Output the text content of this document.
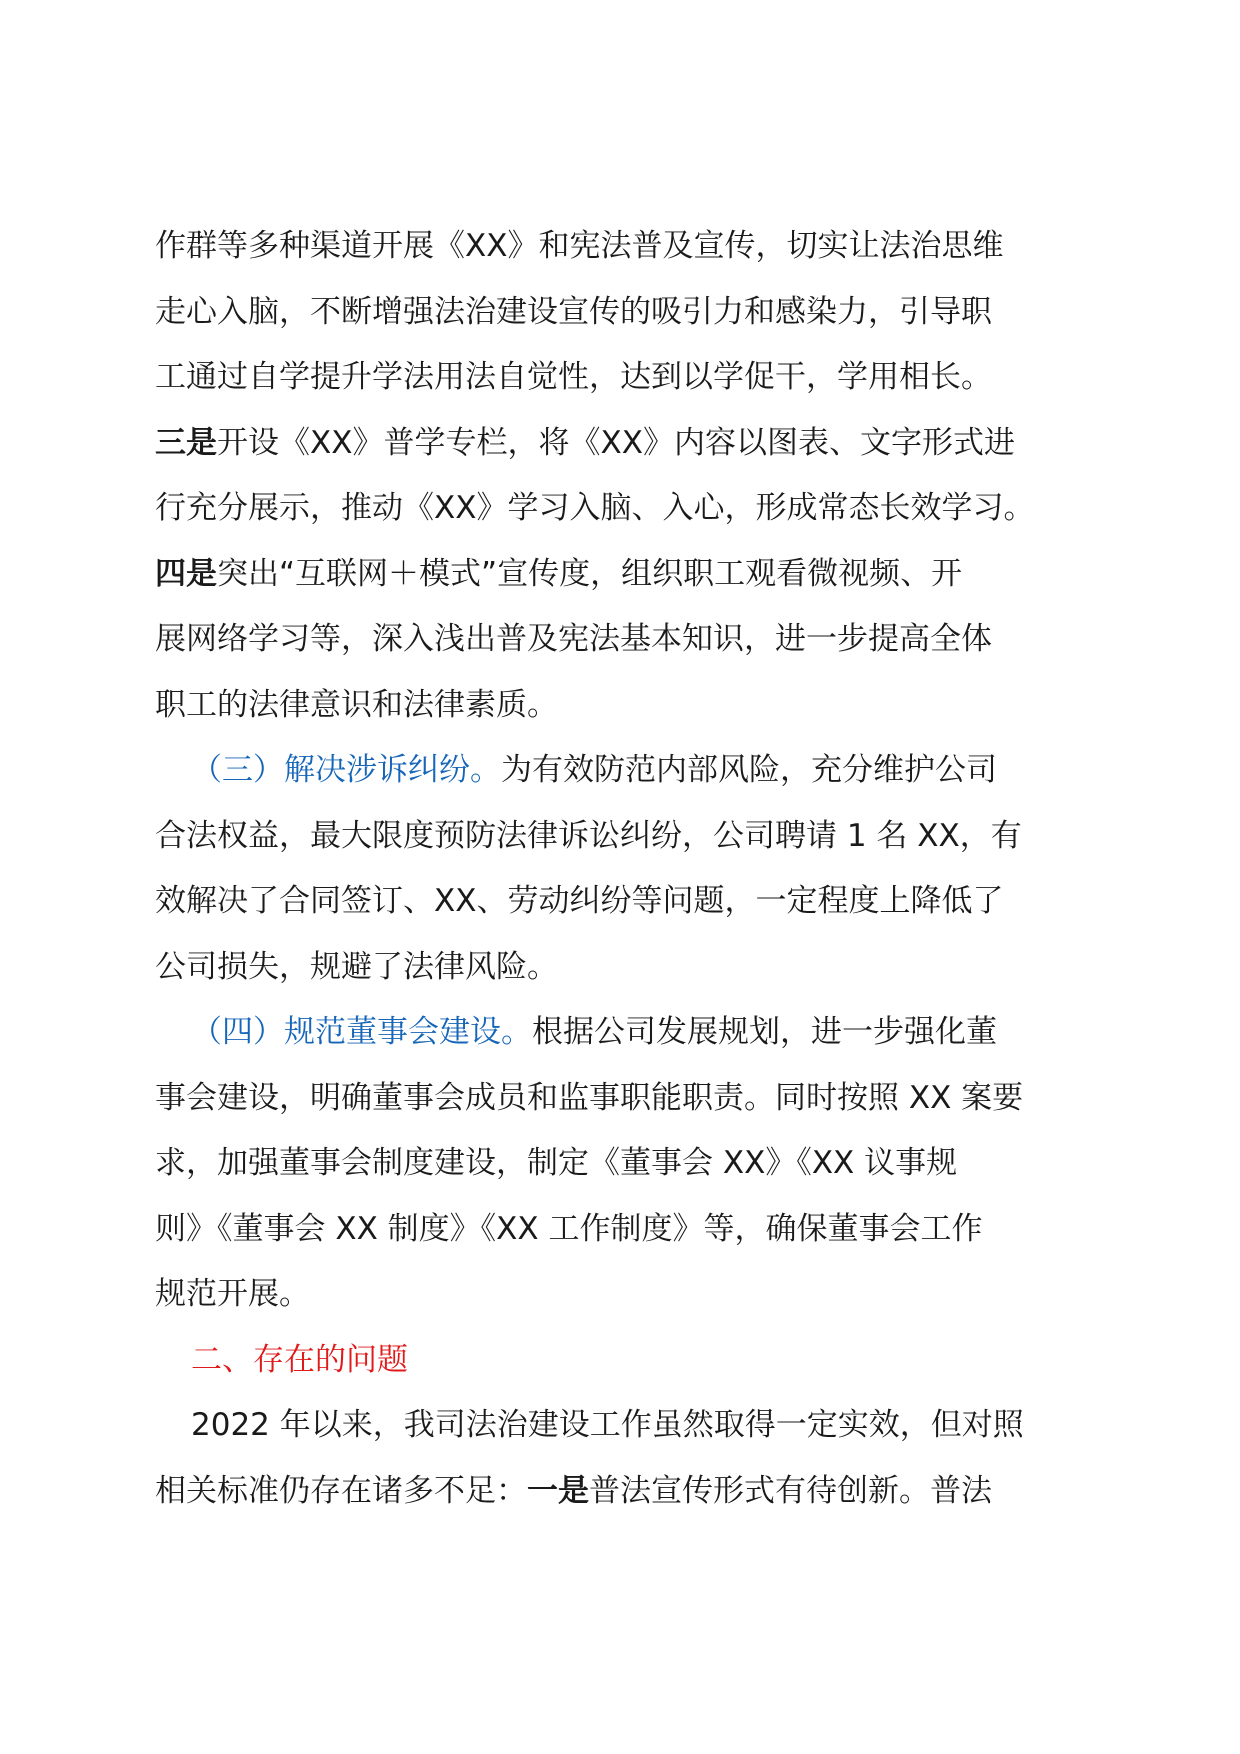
作群等多种渠道开展《XX》和宪法普及宣传，切实让法治思维
走心入脑，不断增强法治建设宣传的吸引力和感染力，引导职
工通过自学提升学法用法自觉性，达到以学促干，学用相长。
三是开设《XX》普学专栏，将《XX》内容以图表、文字形式进
行充分展示，推动《XX》学习入脑、入心，形成常态长效学习。
四是突出“互联网＋模式”宣传度，组织职工观看微视频、开
展网络学习等，深入浅出普及宪法基本知识，进一步提高全体
职工的法律意识和法律素质。
（三）解决涉诉纠纷。为有效防范内部风险，充分维护公司
合法权益，最大限度预防法律诉讼纠纷，公司聘请 1 名 XX，有
效解决了合同签订、XX、劳动纠纷等问题，一定程度上降低了
公司损失，规避了法律风险。
（四）规范董事会建设。根据公司发展规划，进一步强化董
事会建设，明确董事会成员和监事职能职责。同时按照 XX 案要
求，加强董事会制度建设，制定《董事会 XX》《XX 议事规
则》《董事会 XX 制度》《XX 工作制度》等，确保董事会工作
规范开展。
二、存在的问题
2022 年以来，我司法治建设工作虽然取得一定实效，但对照
相关标准仍存在诸多不足：一是普法宣传形式有待创新。普法
